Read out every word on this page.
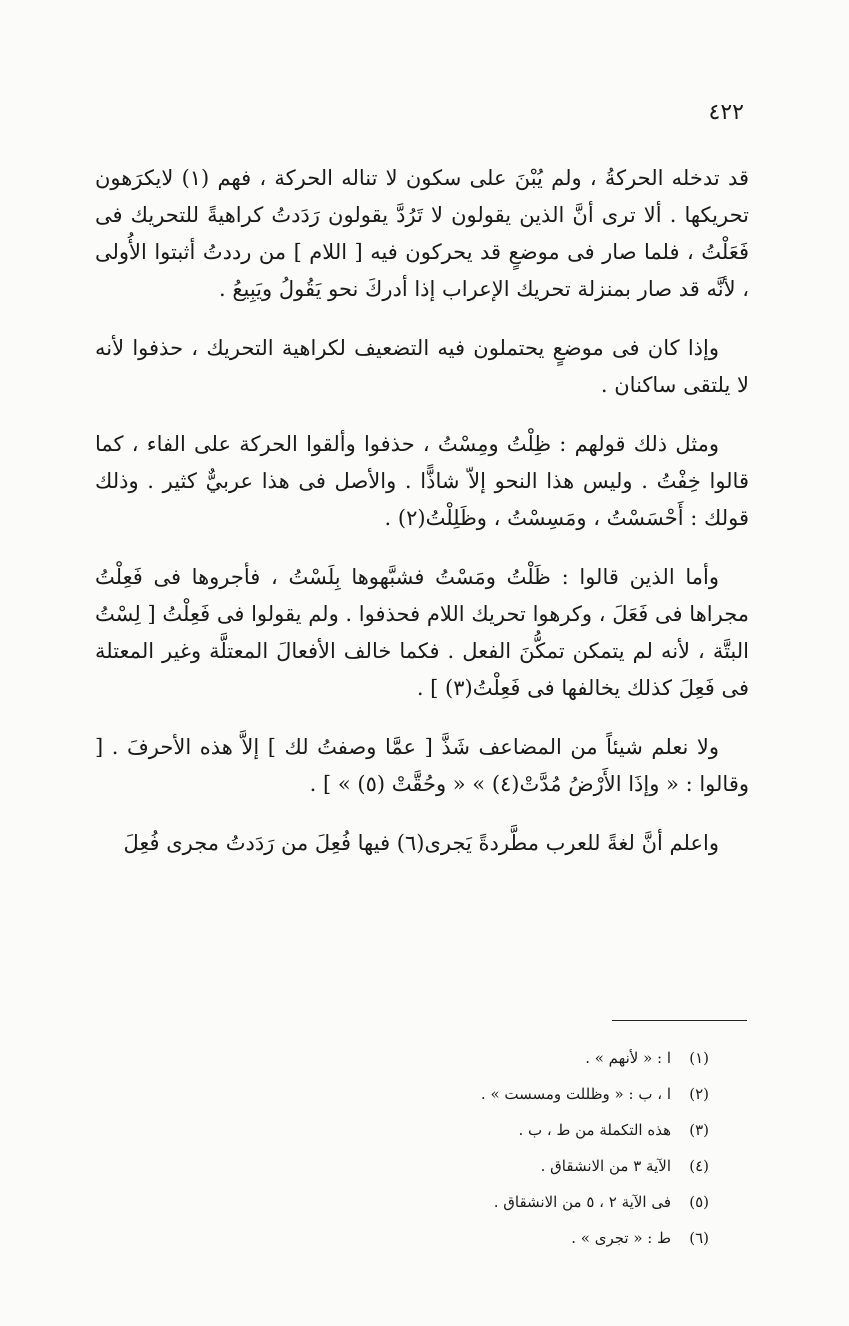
٤٢٢

قد تدخله الحركةُ ، ولم يُبْنَ على سكون لا تناله الحركة ، فهم (١) لايكرَهون تحريكها . ألا ترى أنَّ الذين يقولون لا تَرُدَّ يقولون رَدَدتُ كراهيةً للتحريك فى فَعَلْتُ ، فلما صار فى موضعٍ قد يحركون فيه [ اللام ] من رددتُ أثبتوا الأُولى ، لأنَّه قد صار بمنزلة تحريك الإعراب إذا أدركَ نحو يَقُولُ ويَبِيعُ .

وإذا كان فى موضعٍ يحتملون فيه التضعيف لكراهية التحريك ، حذفوا لأنه لا يلتقى ساكنان .

ومثل ذلك قولهم : ظِلْتُ ومِسْتُ ، حذفوا وألقوا الحركة على الفاء ، كما قالوا خِفْتُ . وليس هذا النحو إلاّ شاذًّا . والأصل فى هذا عربيٌّ كثير . وذلك قولك : أَحْسَسْتُ ، ومَسِسْتُ ، وظَلِلْتُ(٢) .

وأما الذين قالوا : ظَلْتُ ومَسْتُ فشبَّهوها بِلَسْتُ ، فأجروها فى فَعِلْتُ مجراها فى فَعَلَ ، وكرهوا تحريك اللام فحذفوا . ولم يقولوا فى فَعِلْتُ [ لِسْتُ البتَّة ، لأنه لم يتمكن تمكُّنَ الفعل . فكما خالف الأفعالَ المعتلَّة وغير المعتلة فى فَعِلَ كذلك يخالفها فى فَعِلْتُ(٣) ] .

ولا نعلم شيئاً من المضاعف شَذَّ [ عمَّا وصفتُ لك ] إلاَّ هذه الأحرفَ . [ وقالوا : « وإذَا الأَرْضُ مُدَّتْ(٤) » « وحُقَّتْ (٥) » ] .

واعلم أنَّ لغةً للعرب مطَّردةً يَجرى(٦) فيها فُعِلَ من رَدَدتُ مجرى فُعِلَ

(١)
ا : « لأنهم » .
(٢)
ا ، ب : « وظللت ومسست » .
(٣)
هذه التكملة من ط ، ب .
(٤)
الآية ٣ من الانشقاق .
(٥)
فى الآية ٢ ، ٥ من الانشقاق .
(٦)
ط : « تجرى » .
